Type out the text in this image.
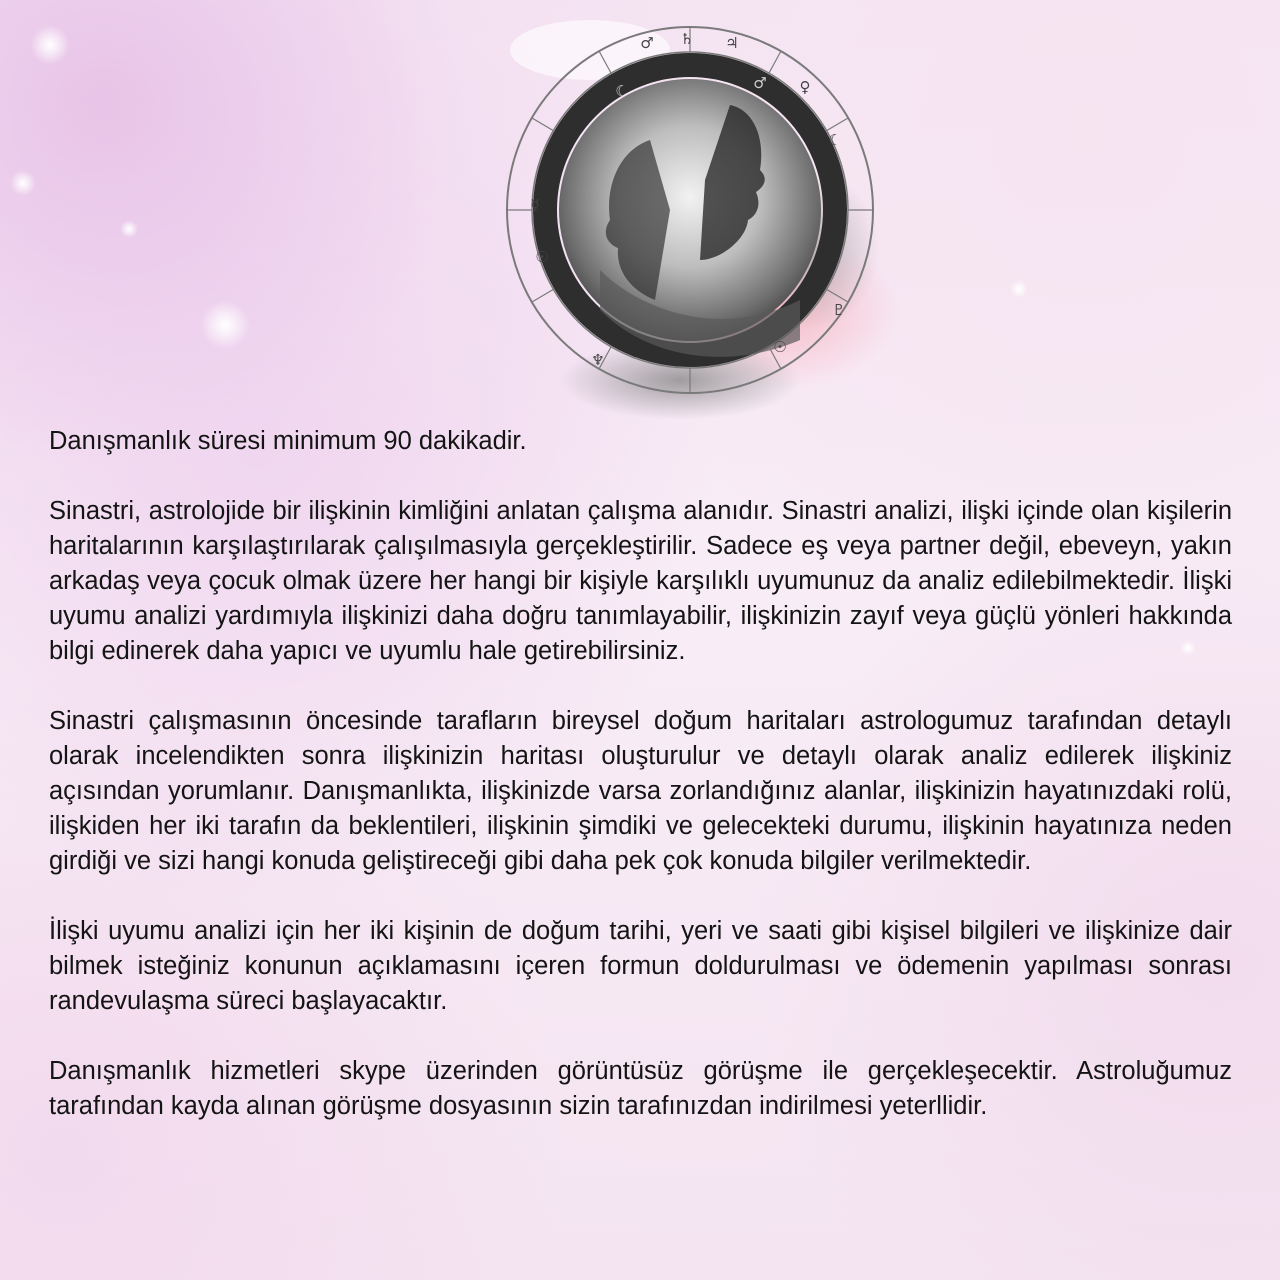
♂	♃
♄
♀
☾
☿
☉
♇
☉
♆
☾	♂

Danışmanlık süresi minimum 90 dakikadir.

Sinastri, astrolojide bir ilişkinin kimliğini anlatan çalışma alanıdır. Sinastri analizi, ilişki içinde olan kişilerin haritalarının karşılaştırılarak çalışılmasıyla gerçekleştirilir. Sadece eş veya partner değil, ebeveyn, yakın arkadaş veya çocuk olmak üzere her hangi bir kişiyle karşılıklı uyumunuz da analiz edilebilmektedir. İlişki uyumu analizi yardımıyla ilişkinizi daha doğru tanımlayabilir, ilişkinizin zayıf veya güçlü yönleri hakkında bilgi edinerek daha yapıcı ve uyumlu hale getirebilirsiniz.

Sinastri çalışmasının öncesinde tarafların bireysel doğum haritaları astrologumuz tarafından detaylı olarak incelendikten sonra ilişkinizin haritası oluşturulur ve detaylı olarak analiz edilerek ilişkiniz açısından yorumlanır. Danışmanlıkta, ilişkinizde varsa zorlandığınız alanlar, ilişkinizin hayatınızdaki rolü, ilişkiden her iki tarafın da beklentileri, ilişkinin şimdiki ve gelecekteki durumu, ilişkinin hayatınıza neden girdiği ve sizi hangi konuda geliştireceği gibi daha pek çok konuda bilgiler verilmektedir.

İlişki uyumu analizi için her iki kişinin de doğum tarihi, yeri ve saati gibi kişisel bilgileri ve ilişkinize dair bilmek isteğiniz konunun açıklamasını içeren formun doldurulması ve ödemenin yapılması sonrası randevulaşma süreci başlayacaktır.

Danışmanlık hizmetleri skype üzerinden görüntüsüz görüşme ile gerçekleşecektir. Astroluğumuz tarafından kayda alınan görüşme dosyasının sizin tarafınızdan indirilmesi yeterllidir.
